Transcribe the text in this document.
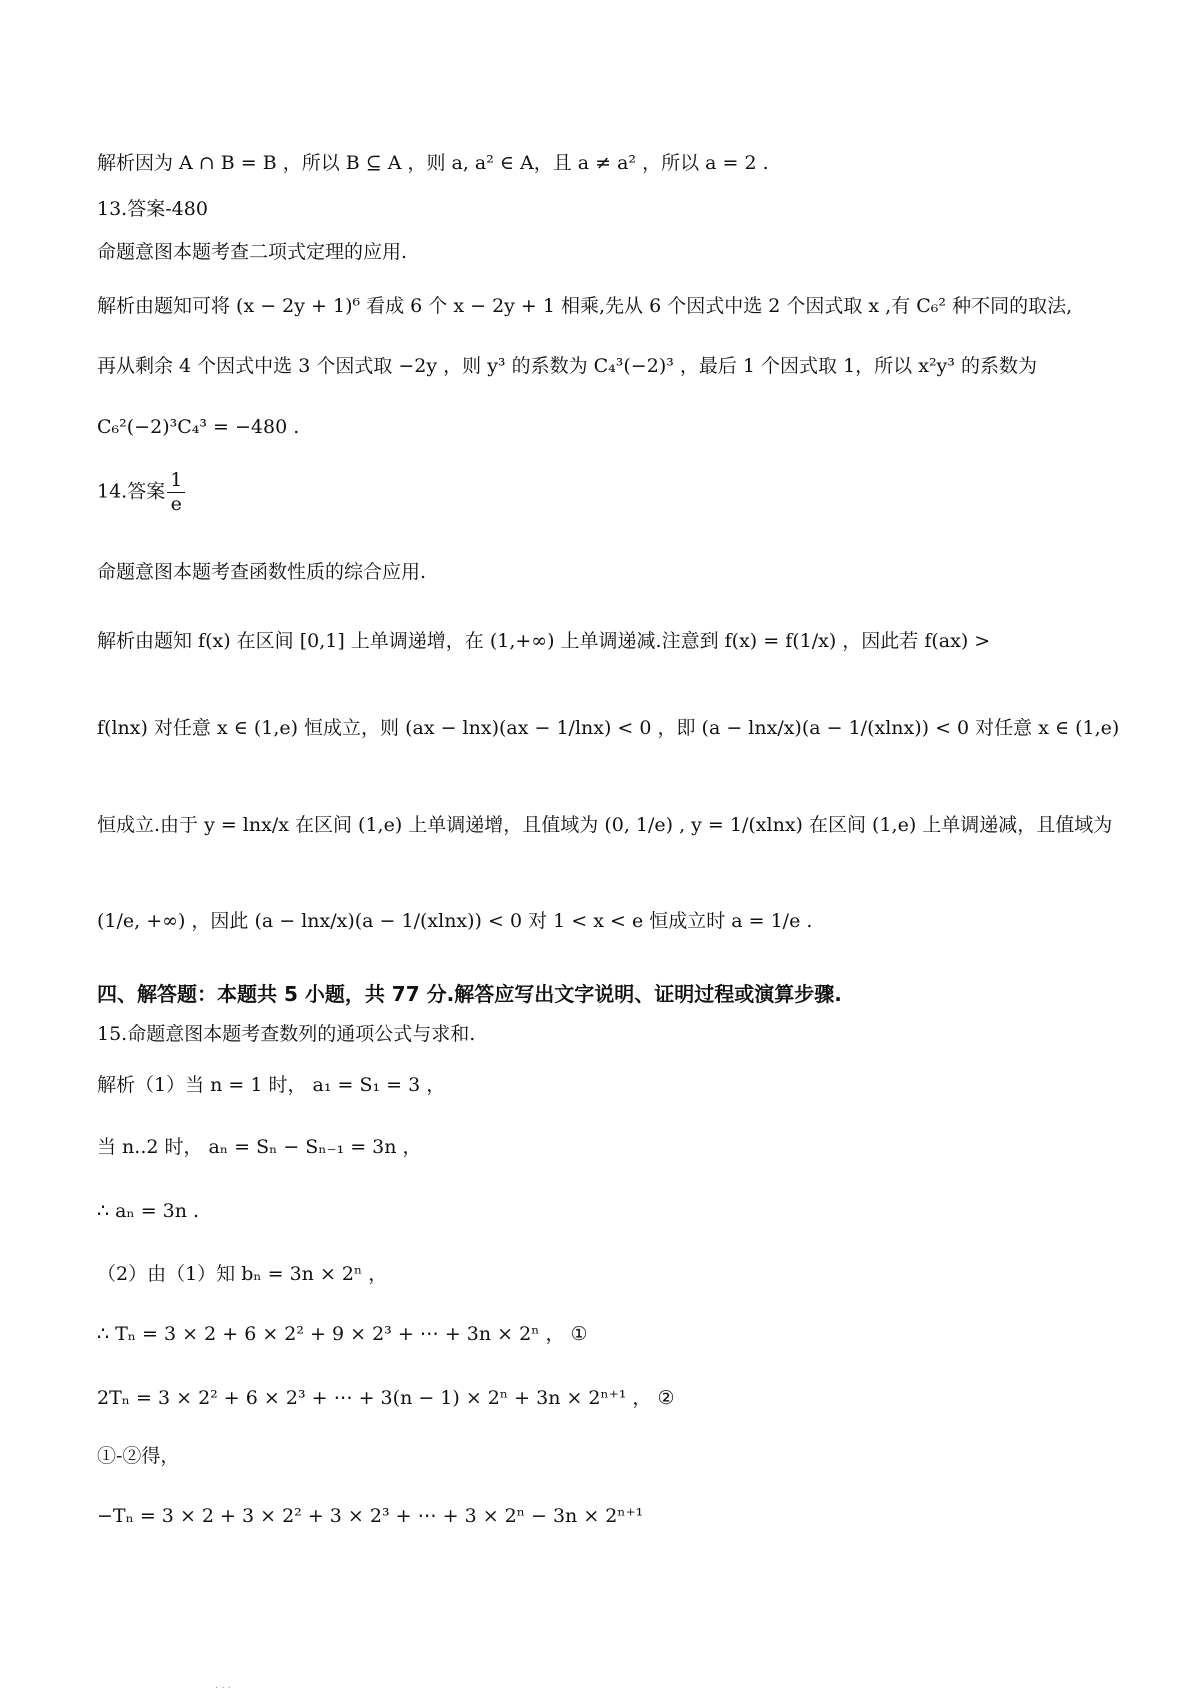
解析因为 A ∩ B = B ，所以 B ⊆ A ，则 a, a² ∈ A，且 a ≠ a² ，所以 a = 2 .
13.答案-480
命题意图本题考查二项式定理的应用.
解析由题知可将 (x − 2y + 1)⁶ 看成 6 个 x − 2y + 1 相乘,先从 6 个因式中选 2 个因式取 x ,有 C₆² 种不同的取法,
再从剩余 4 个因式中选 3 个因式取 −2y ，则 y³ 的系数为 C₄³(−2)³ ，最后 1 个因式取 1，所以 x²y³ 的系数为
C₆²(−2)³C₄³ = −480 .
14.答案 $\frac{1}{e}$
命题意图本题考查函数性质的综合应用.
解析由题知 f(x) 在区间 [0,1] 上单调递增，在 (1,+∞) 上单调递减.注意到 f(x) = f(1/x) ，因此若 f(ax) >
f(lnx) 对任意 x ∈ (1,e) 恒成立，则 (ax − lnx)(ax − 1/lnx) < 0 ，即 (a − lnx/x)(a − 1/(xlnx)) < 0 对任意 x ∈ (1,e)
恒成立.由于 y = lnx/x 在区间 (1,e) 上单调递增，且值域为 (0, 1/e) , y = 1/(xlnx) 在区间 (1,e) 上单调递减，且值域为
(1/e, +∞) ，因此 (a − lnx/x)(a − 1/(xlnx)) < 0 对 1 < x < e 恒成立时 a = 1/e .
四、解答题：本题共 5 小题，共 77 分.解答应写出文字说明、证明过程或演算步骤.
15.命题意图本题考查数列的通项公式与求和.
解析（1）当 n = 1 时， a₁ = S₁ = 3 ，
当 n..2 时， aₙ = Sₙ − Sₙ₋₁ = 3n ，
∴ aₙ = 3n .
（2）由（1）知 bₙ = 3n × 2ⁿ ，
∴ Tₙ = 3 × 2 + 6 × 2² + 9 × 2³ + ⋯ + 3n × 2ⁿ ， ①
2Tₙ = 3 × 2² + 6 × 2³ + ⋯ + 3(n − 1) × 2ⁿ + 3n × 2ⁿ⁺¹ ， ②
①-②得，
−Tₙ = 3 × 2 + 3 × 2² + 3 × 2³ + ⋯ + 3 × 2ⁿ − 3n × 2ⁿ⁺¹
· · ·
